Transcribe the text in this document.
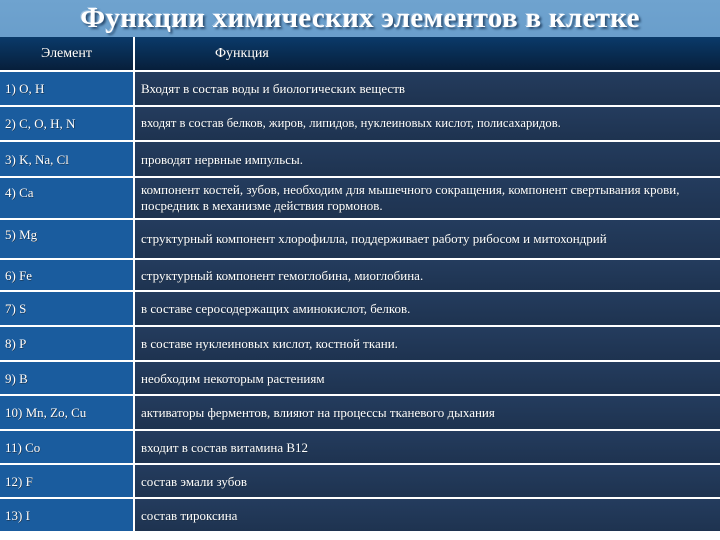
Функции химических элементов в клетке
Элемент	Функция
1) O, H	Входят в состав воды и биологических веществ
2) C, O, H, N	входят в состав белков, жиров, липидов, нуклеиновых кислот, полисахаридов.
3) K, Na, Cl	проводят нервные импульсы.
4) Ca	компонент костей, зубов, необходим для мышечного сокращения, компонент свертывания крови, посредник в механизме действия гормонов.
5) Mg	структурный компонент хлорофилла, поддерживает работу рибосом и митохондрий
6) Fe	структурный компонент гемоглобина, миоглобина.
7) S	в составе серосодержащих аминокислот, белков.
8) P	в составе нуклеиновых кислот, костной ткани.
9) B	необходим некоторым растениям
10) Mn, Zo, Cu	активаторы ферментов, влияют на процессы тканевого дыхания
11) Co	входит в состав витамина В12
12) F	состав эмали зубов
13) I	состав тироксина
